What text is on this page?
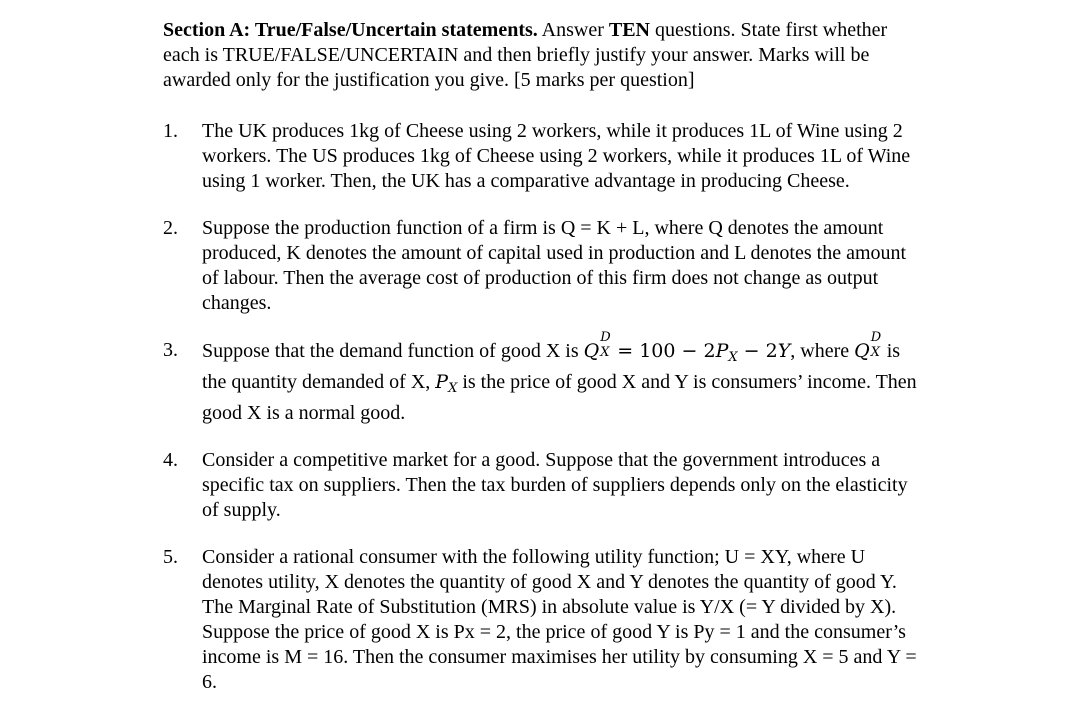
Section A: True/False/Uncertain statements. Answer TEN questions. State first whether each is TRUE/FALSE/UNCERTAIN and then briefly justify your answer. Marks will be awarded only for the justification you give. [5 marks per question]

1. The UK produces 1kg of Cheese using 2 workers, while it produces 1L of Wine using 2 workers. The US produces 1kg of Cheese using 2 workers, while it produces 1L of Wine using 1 worker. Then, the UK has a comparative advantage in producing Cheese.
2. Suppose the production function of a firm is Q = K + L, where Q denotes the amount produced, K denotes the amount of capital used in production and L denotes the amount of labour. Then the average cost of production of this firm does not change as output changes.
3. Suppose that the demand function of good X is Q
D
$X = 100 - 2P_X - 2Y$, where Q
D
X is the quantity demanded of X, $P_X$ is the price of good X and Y is consumers’ income. Then good X is a normal good.
4. Consider a competitive market for a good. Suppose that the government introduces a specific tax on suppliers. Then the tax burden of suppliers depends only on the elasticity of supply.
5. Consider a rational consumer with the following utility function; U = XY, where U denotes utility, X denotes the quantity of good X and Y denotes the quantity of good Y. The Marginal Rate of Substitution (MRS) in absolute value is Y/X (= Y divided by X). Suppose the price of good X is Px = 2, the price of good Y is Py = 1 and the consumer’s income is M = 16. Then the consumer maximises her utility by consuming X = 5 and Y = 6.
